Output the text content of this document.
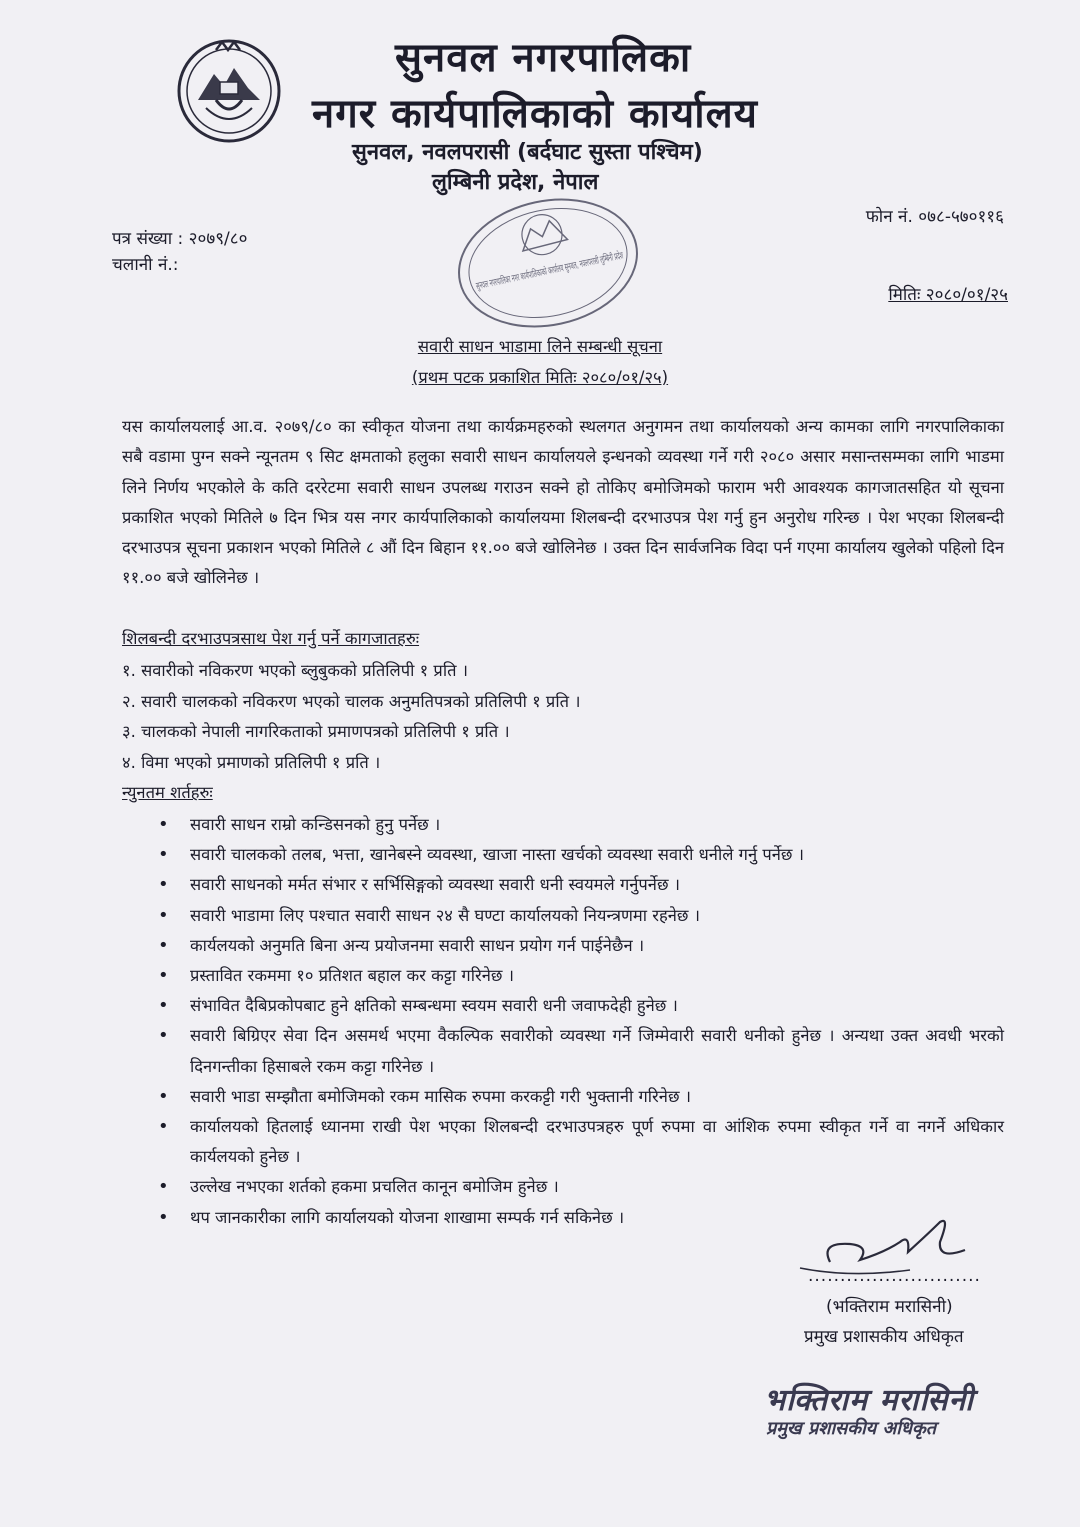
सुनवल नगरपालिका
नगर कार्यपालिकाको कार्यालय
सुनवल, नवलपरासी (बर्दघाट सुस्ता पश्चिम)
लुम्बिनी प्रदेश, नेपाल
फोन नं. ०७८-५७०११६
पत्र संख्या : २०७९/८०
चलानी नं.:
मितिः २०८०/०१/२५
सुनवल नगरपालिका नगर कार्यपालिकाको कार्यालय सुनवल, नवलपरासी लुम्बिनी प्रदेश
सवारी साधन भाडामा लिने सम्बन्धी सूचना
(प्रथम पटक प्रकाशित मितिः २०८०/०१/२५)
यस कार्यालयलाई आ.व. २०७९/८० का स्वीकृत योजना तथा कार्यक्रमहरुको स्थलगत अनुगमन तथा कार्यालयको अन्य कामका लागि नगरपालिकाका सबै वडामा पुग्न सक्ने न्यूनतम ९ सिट क्षमताको हलुका सवारी साधन कार्यालयले इन्धनको व्यवस्था गर्ने गरी २०८० असार मसान्तसम्मका लागि भाडमा लिने निर्णय भएकोले के कति दररेटमा सवारी साधन उपलब्ध गराउन सक्ने हो तोकिए बमोजिमको फाराम भरी आवश्यक कागजातसहित यो सूचना प्रकाशित भएको मितिले ७ दिन भित्र यस नगर कार्यपालिकाको कार्यालयमा शिलबन्दी दरभाउपत्र पेश गर्नु हुन अनुरोध गरिन्छ । पेश भएका शिलबन्दी दरभाउपत्र सूचना प्रकाशन भएको मितिले ८ औं दिन बिहान ११.०० बजे खोलिनेछ । उक्त दिन सार्वजनिक विदा पर्न गएमा कार्यालय खुलेको पहिलो दिन ११.०० बजे खोलिनेछ ।
शिलबन्दी दरभाउपत्रसाथ पेश गर्नु पर्ने कागजातहरुः
१. सवारीको नविकरण भएको ब्लुबुकको प्रतिलिपी १ प्रति ।
२. सवारी चालकको नविकरण भएको चालक अनुमतिपत्रको प्रतिलिपी १ प्रति ।
३. चालकको नेपाली नागरिकताको प्रमाणपत्रको प्रतिलिपी १ प्रति ।
४. विमा भएको प्रमाणको प्रतिलिपी १ प्रति ।
न्युनतम शर्तहरुः
• सवारी साधन राम्रो कन्डिसनको हुनु पर्नेछ ।
• सवारी चालकको तलब, भत्ता, खानेबस्ने व्यवस्था, खाजा नास्ता खर्चको व्यवस्था सवारी धनीले गर्नु पर्नेछ ।
• सवारी साधनको मर्मत संभार र सर्भिसिङ्गको व्यवस्था सवारी धनी स्वयमले गर्नुपर्नेछ ।
• सवारी भाडामा लिए पश्चात सवारी साधन २४ सै घण्टा कार्यालयको नियन्त्रणमा रहनेछ ।
• कार्यलयको अनुमति बिना अन्य प्रयोजनमा सवारी साधन प्रयोग गर्न पाईनेछैन ।
• प्रस्तावित रकममा १० प्रतिशत बहाल कर कट्टा गरिनेछ ।
• संभावित दैबिप्रकोपबाट हुने क्षतिको सम्बन्धमा स्वयम सवारी धनी जवाफदेही हुनेछ ।
• सवारी बिग्रिएर सेवा दिन असमर्थ भएमा वैकल्पिक सवारीको व्यवस्था गर्ने जिम्मेवारी सवारी धनीको हुनेछ । अन्यथा उक्त अवधी भरको दिनगन्तीका हिसाबले रकम कट्टा गरिनेछ ।
• सवारी भाडा सम्झौता बमोजिमको रकम मासिक रुपमा करकट्टी गरी भुक्तानी गरिनेछ ।
• कार्यालयको हितलाई ध्यानमा राखी पेश भएका शिलबन्दी दरभाउपत्रहरु पूर्ण रुपमा वा आंशिक रुपमा स्वीकृत गर्ने वा नगर्ने अधिकार कार्यलयको हुनेछ ।
• उल्लेख नभएका शर्तको हकमा प्रचलित कानून बमोजिम हुनेछ ।
• थप जानकारीका लागि कार्यालयको योजना शाखामा सम्पर्क गर्न सकिनेछ ।
...........................
(भक्तिराम मरासिनी)
प्रमुख प्रशासकीय अधिकृत
भक्तिराम मरासिनी
प्रमुख प्रशासकीय अधिकृत
